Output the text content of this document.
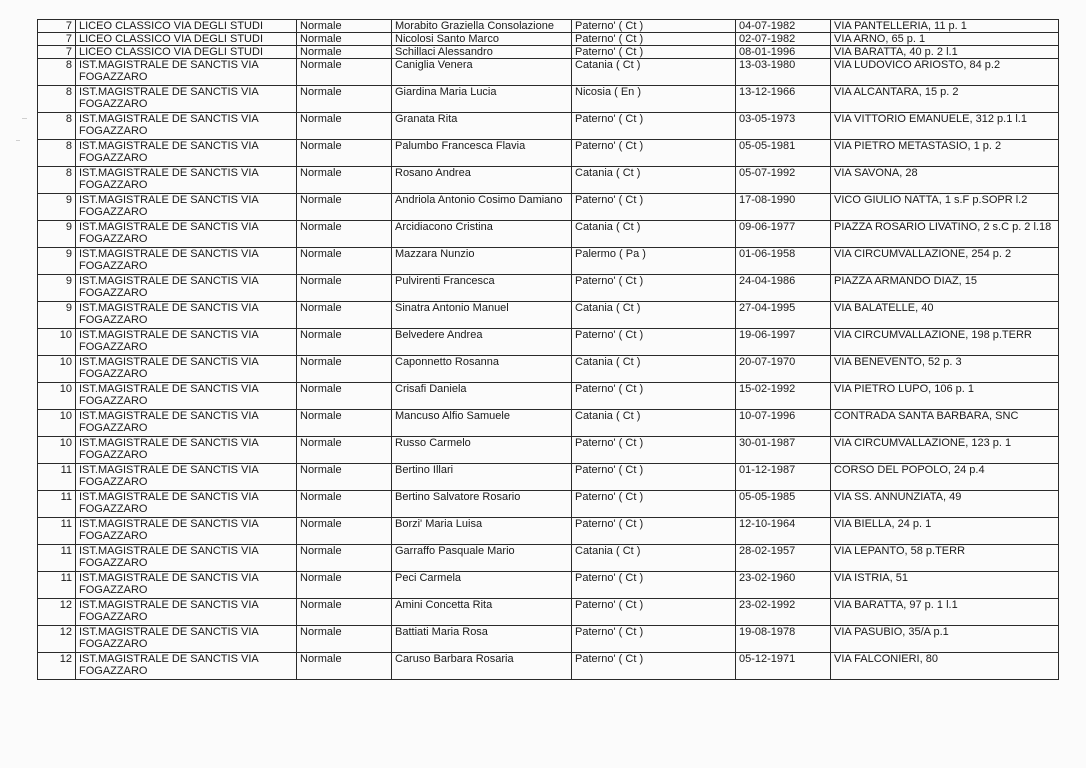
7	LICEO CLASSICO VIA DEGLI STUDI	Normale	Morabito Graziella Consolazione	Paterno' ( Ct )	04-07-1982	VIA PANTELLERIA, 11 p. 1
7	LICEO CLASSICO VIA DEGLI STUDI	Normale	Nicolosi Santo Marco	Paterno' ( Ct )	02-07-1982	VIA ARNO, 65 p. 1
7	LICEO CLASSICO VIA DEGLI STUDI	Normale	Schillaci Alessandro	Paterno' ( Ct )	08-01-1996	VIA BARATTA, 40 p. 2 l.1
8	IST.MAGISTRALE DE SANCTIS VIA FOGAZZARO	Normale	Caniglia Venera	Catania ( Ct )	13-03-1980	VIA LUDOVICO ARIOSTO, 84 p.2
8	IST.MAGISTRALE DE SANCTIS VIA FOGAZZARO	Normale	Giardina Maria Lucia	Nicosia ( En )	13-12-1966	VIA ALCANTARA, 15 p. 2
8	IST.MAGISTRALE DE SANCTIS VIA FOGAZZARO	Normale	Granata Rita	Paterno' ( Ct )	03-05-1973	VIA VITTORIO EMANUELE, 312 p.1 l.1
8	IST.MAGISTRALE DE SANCTIS VIA FOGAZZARO	Normale	Palumbo Francesca Flavia	Paterno' ( Ct )	05-05-1981	VIA PIETRO METASTASIO, 1 p. 2
8	IST.MAGISTRALE DE SANCTIS VIA FOGAZZARO	Normale	Rosano Andrea	Catania ( Ct )	05-07-1992	VIA SAVONA, 28
9	IST.MAGISTRALE DE SANCTIS VIA FOGAZZARO	Normale	Andriola Antonio Cosimo Damiano	Paterno' ( Ct )	17-08-1990	VICO GIULIO NATTA, 1 s.F p.SOPR l.2
9	IST.MAGISTRALE DE SANCTIS VIA FOGAZZARO	Normale	Arcidiacono Cristina	Catania ( Ct )	09-06-1977	PIAZZA ROSARIO LIVATINO, 2 s.C p. 2 l.18
9	IST.MAGISTRALE DE SANCTIS VIA FOGAZZARO	Normale	Mazzara Nunzio	Palermo ( Pa )	01-06-1958	VIA CIRCUMVALLAZIONE, 254 p. 2
9	IST.MAGISTRALE DE SANCTIS VIA FOGAZZARO	Normale	Pulvirenti Francesca	Paterno' ( Ct )	24-04-1986	PIAZZA ARMANDO DIAZ, 15
9	IST.MAGISTRALE DE SANCTIS VIA FOGAZZARO	Normale	Sinatra Antonio Manuel	Catania ( Ct )	27-04-1995	VIA BALATELLE, 40
10	IST.MAGISTRALE DE SANCTIS VIA FOGAZZARO	Normale	Belvedere Andrea	Paterno' ( Ct )	19-06-1997	VIA CIRCUMVALLAZIONE, 198 p.TERR
10	IST.MAGISTRALE DE SANCTIS VIA FOGAZZARO	Normale	Caponnetto Rosanna	Catania ( Ct )	20-07-1970	VIA BENEVENTO, 52 p. 3
10	IST.MAGISTRALE DE SANCTIS VIA FOGAZZARO	Normale	Crisafi Daniela	Paterno' ( Ct )	15-02-1992	VIA PIETRO LUPO, 106 p. 1
10	IST.MAGISTRALE DE SANCTIS VIA FOGAZZARO	Normale	Mancuso Alfio Samuele	Catania ( Ct )	10-07-1996	CONTRADA SANTA BARBARA, SNC
10	IST.MAGISTRALE DE SANCTIS VIA FOGAZZARO	Normale	Russo Carmelo	Paterno' ( Ct )	30-01-1987	VIA CIRCUMVALLAZIONE, 123 p. 1
11	IST.MAGISTRALE DE SANCTIS VIA FOGAZZARO	Normale	Bertino Illari	Paterno' ( Ct )	01-12-1987	CORSO DEL POPOLO, 24 p.4
11	IST.MAGISTRALE DE SANCTIS VIA FOGAZZARO	Normale	Bertino Salvatore Rosario	Paterno' ( Ct )	05-05-1985	VIA SS. ANNUNZIATA, 49
11	IST.MAGISTRALE DE SANCTIS VIA FOGAZZARO	Normale	Borzi' Maria Luisa	Paterno' ( Ct )	12-10-1964	VIA BIELLA, 24 p. 1
11	IST.MAGISTRALE DE SANCTIS VIA FOGAZZARO	Normale	Garraffo Pasquale Mario	Catania ( Ct )	28-02-1957	VIA LEPANTO, 58 p.TERR
11	IST.MAGISTRALE DE SANCTIS VIA FOGAZZARO	Normale	Peci Carmela	Paterno' ( Ct )	23-02-1960	VIA ISTRIA, 51
12	IST.MAGISTRALE DE SANCTIS VIA FOGAZZARO	Normale	Amini Concetta Rita	Paterno' ( Ct )	23-02-1992	VIA BARATTA, 97 p. 1 l.1
12	IST.MAGISTRALE DE SANCTIS VIA FOGAZZARO	Normale	Battiati Maria Rosa	Paterno' ( Ct )	19-08-1978	VIA PASUBIO, 35/A p.1
12	IST.MAGISTRALE DE SANCTIS VIA FOGAZZARO	Normale	Caruso Barbara Rosaria	Paterno' ( Ct )	05-12-1971	VIA FALCONIERI, 80
